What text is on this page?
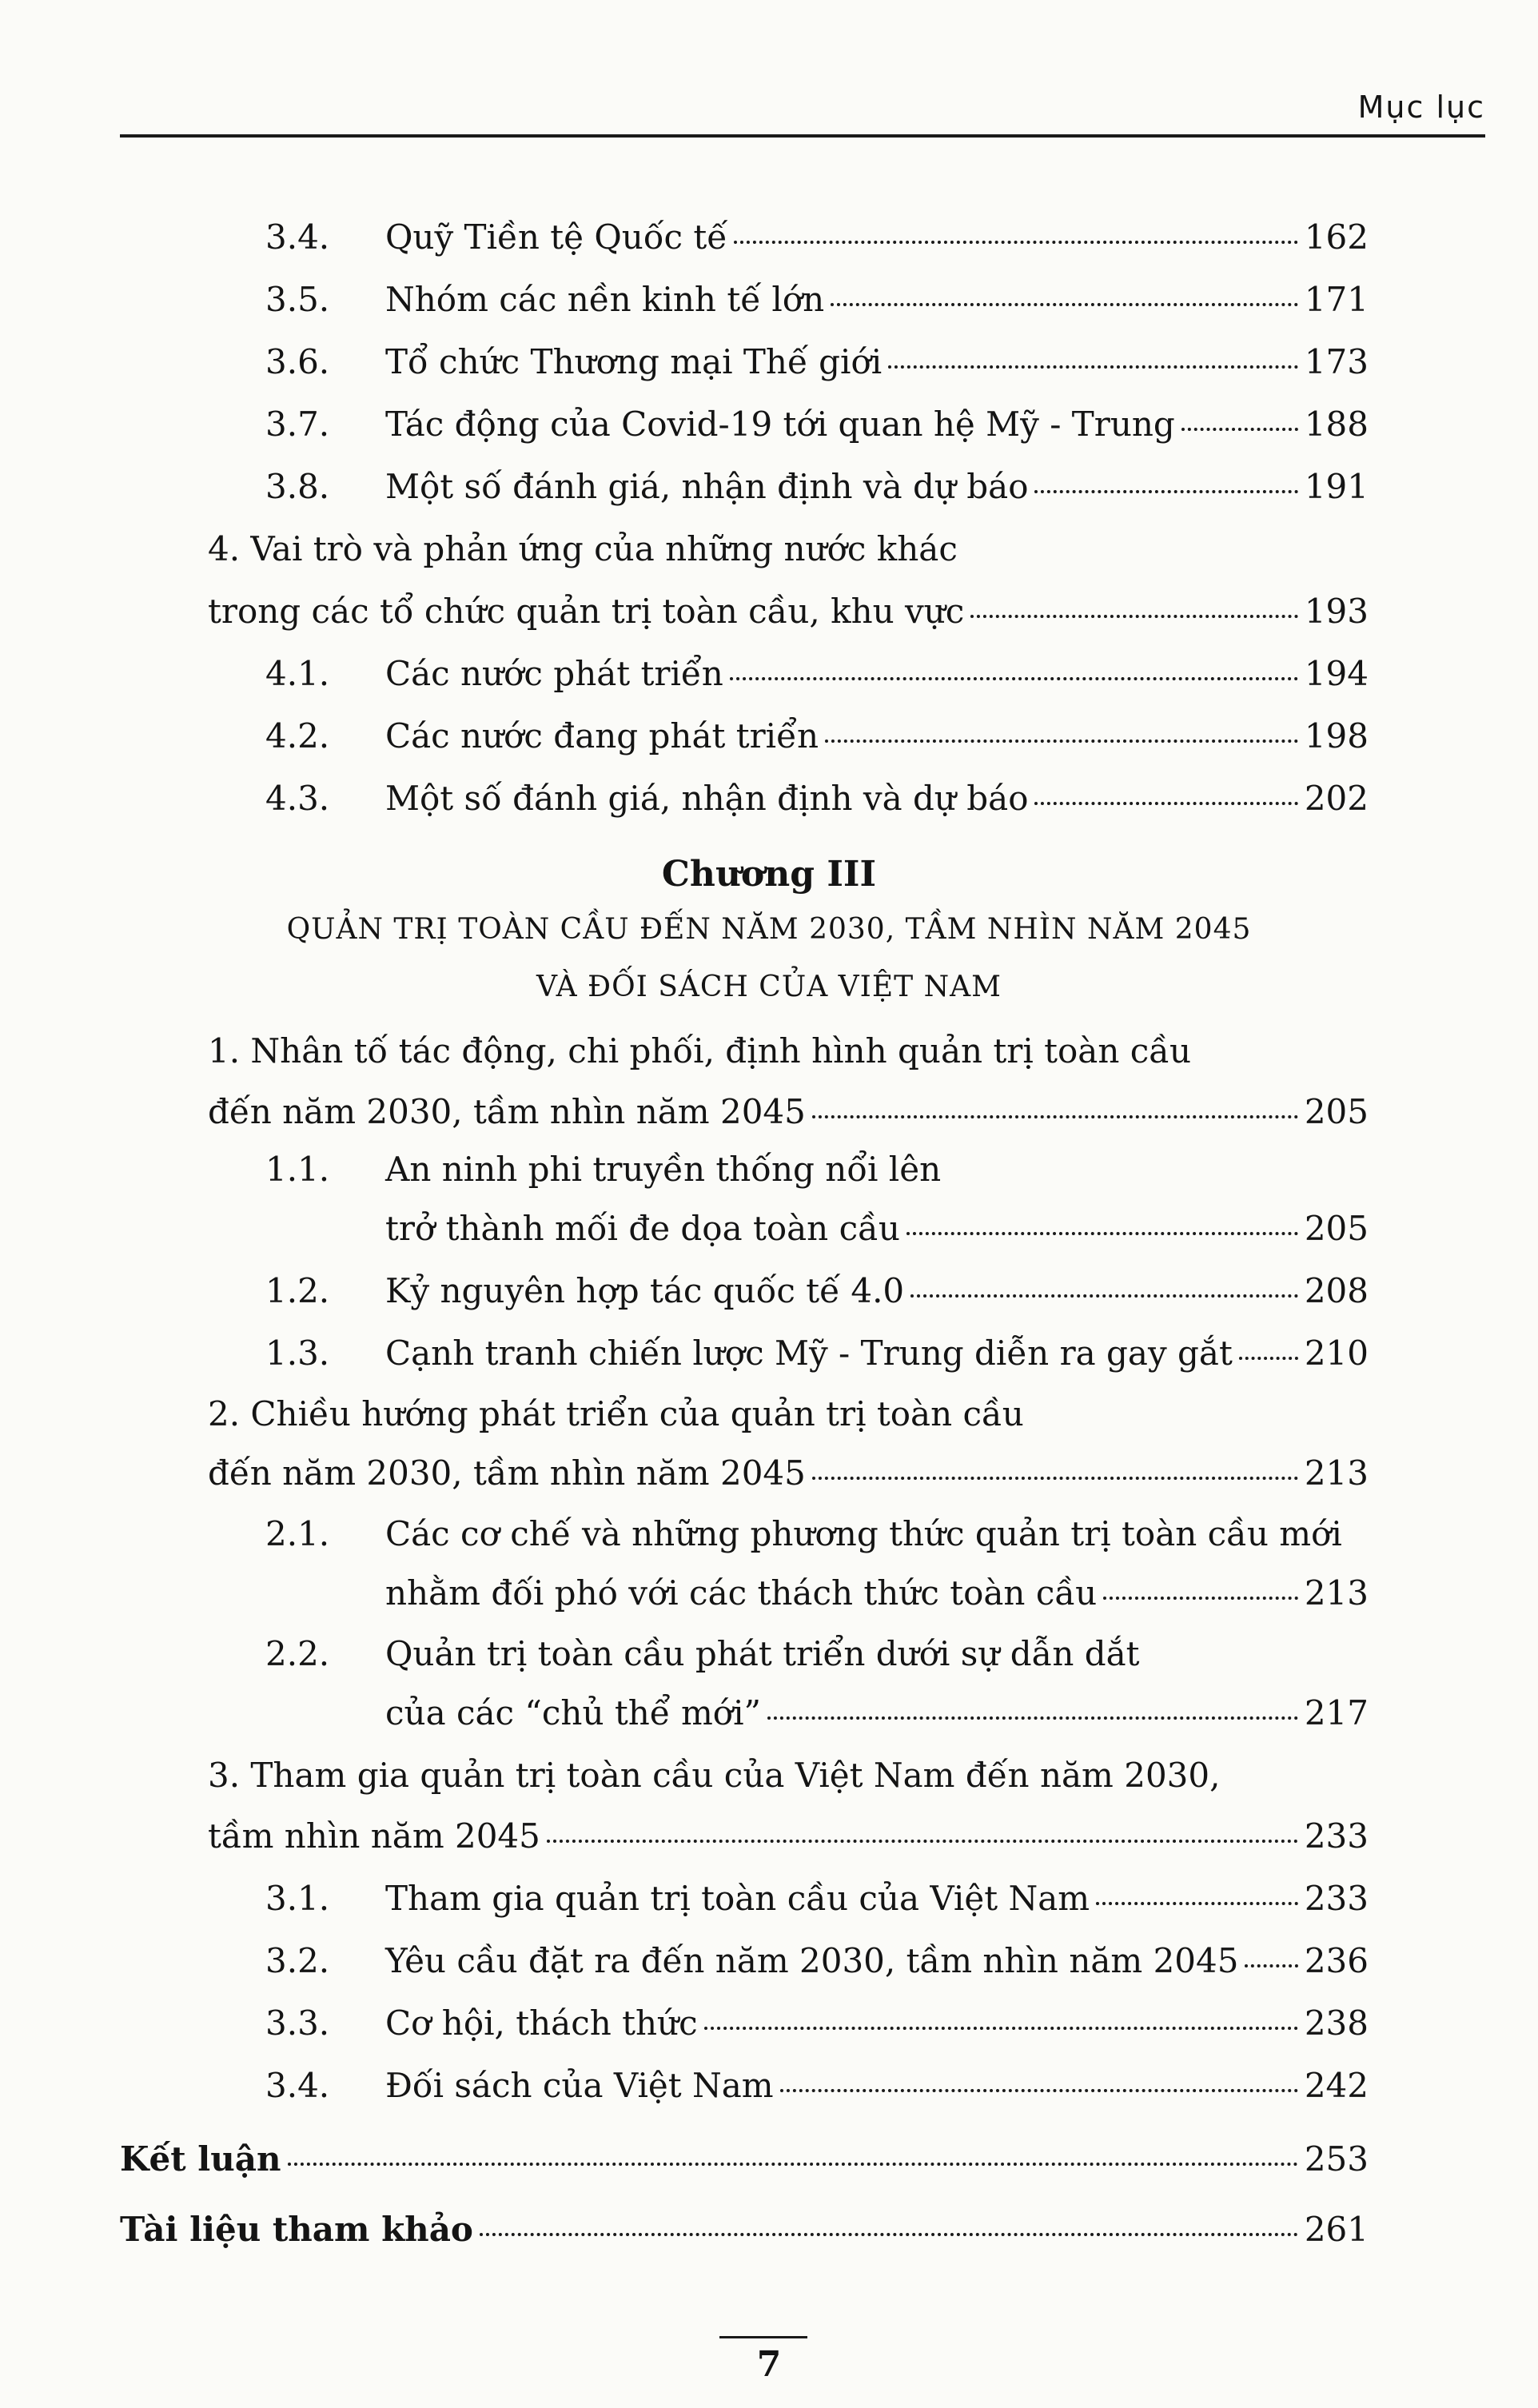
Mục lục
3.4.	Quỹ Tiền tệ Quốc tế	162
3.5.	Nhóm các nền kinh tế lớn	171
3.6.	Tổ chức Thương mại Thế giới	173
3.7.	Tác động của Covid-19 tới quan hệ Mỹ - Trung	188
3.8.	Một số đánh giá, nhận định và dự báo	191
4. Vai trò và phản ứng của những nước khác
trong các tổ chức quản trị toàn cầu, khu vực	193
4.1.	Các nước phát triển	194
4.2.	Các nước đang phát triển	198
4.3.	Một số đánh giá, nhận định và dự báo	202
Chương III
QUẢN TRỊ TOÀN CẦU ĐẾN NĂM 2030, TẦM NHÌN NĂM 2045
VÀ ĐỐI SÁCH CỦA VIỆT NAM
1. Nhân tố tác động, chi phối, định hình quản trị toàn cầu
đến năm 2030, tầm nhìn năm 2045	205
1.1. An ninh phi truyền thống nổi lên
trở thành mối đe dọa toàn cầu	205
1.2.	Kỷ nguyên hợp tác quốc tế 4.0	208
1.3.	Cạnh tranh chiến lược Mỹ - Trung diễn ra gay gắt 210
2. Chiều hướng phát triển của quản trị toàn cầu
đến năm 2030, tầm nhìn năm 2045	213
2.1. Các cơ chế và những phương thức quản trị toàn cầu mới
nhằm đối phó với các thách thức toàn cầu	213
2.2. Quản trị toàn cầu phát triển dưới sự dẫn dắt
của các “chủ thể mới”	217
3. Tham gia quản trị toàn cầu của Việt Nam đến năm 2030,
tầm nhìn năm 2045	233
3.1.	Tham gia quản trị toàn cầu của Việt Nam	233
3.2.	Yêu cầu đặt ra đến năm 2030, tầm nhìn năm 2045 236
3.3.	Cơ hội, thách thức	238
3.4.	Đối sách của Việt Nam	242
Kết luận	253
Tài liệu tham khảo	261
7
